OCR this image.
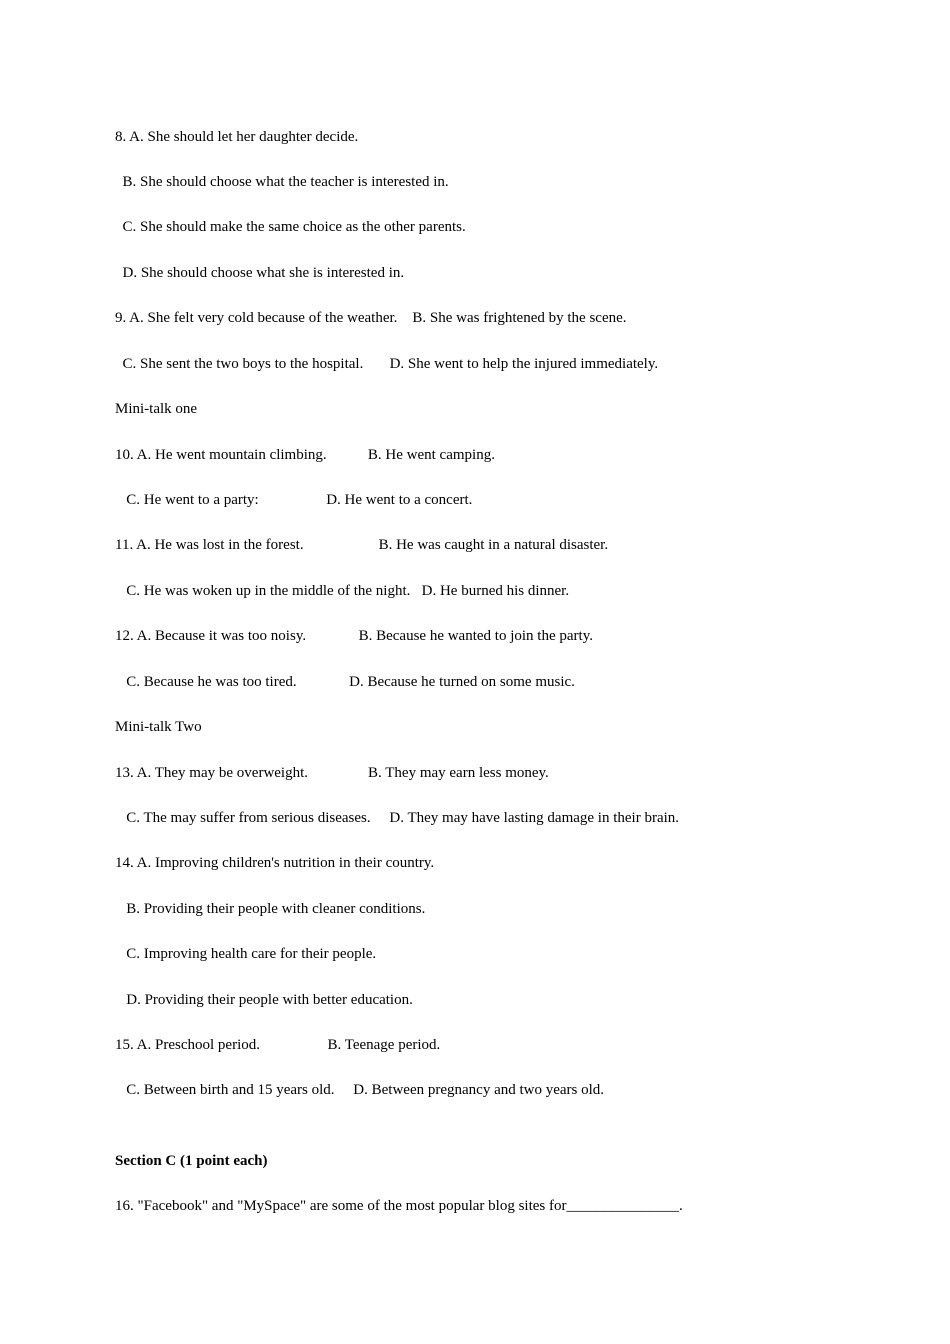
8. A. She should let her daughter decide.
B. She should choose what the teacher is interested in.
C. She should make the same choice as the other parents.
D. She should choose what she is interested in.
9. A. She felt very cold because of the weather.    B. She was frightened by the scene.
C. She sent the two boys to the hospital.       D. She went to help the injured immediately.
Mini-talk one
10. A. He went mountain climbing.           B. He went camping.
C. He went to a party:                  D. He went to a concert.
11. A. He was lost in the forest.                    B. He was caught in a natural disaster.
C. He was woken up in the middle of the night.   D. He burned his dinner.
12. A. Because it was too noisy.              B. Because he wanted to join the party.
C. Because he was too tired.              D. Because he turned on some music.
Mini-talk Two
13. A. They may be overweight.                B. They may earn less money.
C. The may suffer from serious diseases.     D. They may have lasting damage in their brain.
14. A. Improving children's nutrition in their country.
B. Providing their people with cleaner conditions.
C. Improving health care for their people.
D. Providing their people with better education.
15. A. Preschool period.                  B. Teenage period.
C. Between birth and 15 years old.     D. Between pregnancy and two years old.
Section C (1 point each)
16. "Facebook" and "MySpace" are some of the most popular blog sites for_______________.
